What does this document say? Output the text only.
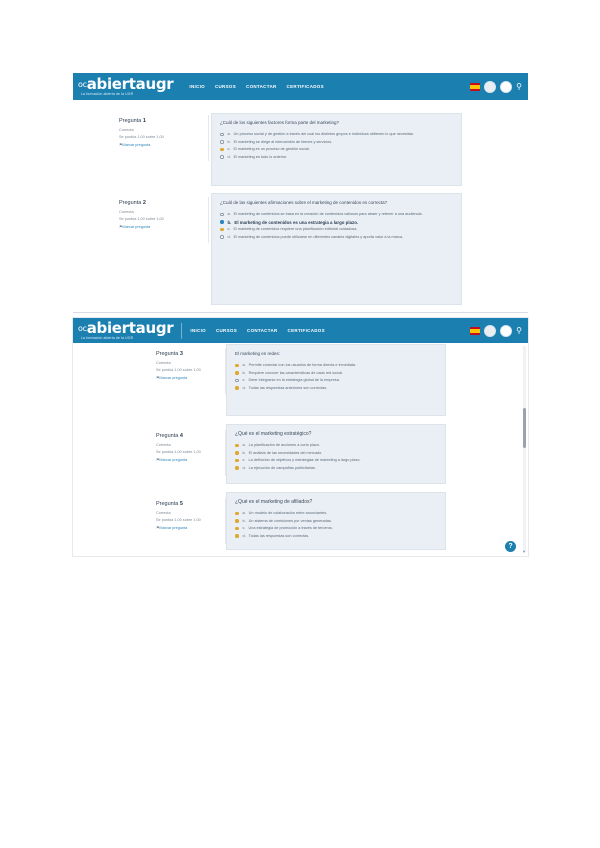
ocabiertaugr
La formación abierta de la UGR
INICIO CURSOS CONTACTAR CERTIFICADOS	⚲
Pregunta 1
Correcta
Se puntúa 1,00 sobre 1,00
⚑ Marcar pregunta
¿Cuál de los siguientes factores forma parte del marketing?
a. Un proceso social y de gestión a través del cual los distintos grupos e individuos obtienen lo que necesitan.
b. El marketing se dirige al intercambio de bienes y servicios.
c. El marketing es un proceso de gestión social.
d. El marketing es todo lo anterior.
Pregunta 2
Correcta
Se puntúa 1,00 sobre 1,00
⚑ Marcar pregunta
¿Cuál de las siguientes afirmaciones sobre el marketing de contenidos es correcta?
a. El marketing de contenidos se basa en la creación de contenidos valiosos para atraer y retener a una audiencia.
b. El marketing de contenidos es una estrategia a largo plazo.
c. El marketing de contenidos requiere una planificación editorial cuidadosa.
d. El marketing de contenidos puede utilizarse en diferentes canales digitales y aporta valor a la marca.
ocabiertaugr
La formación abierta de la UGR
INICIO CURSOS CONTACTAR CERTIFICADOS	⚲
Pregunta 3
Correcta
Se puntúa 1,00 sobre 1,00
⚑ Marcar pregunta
El marketing en redes:
a. Permite conectar con los usuarios de forma directa e inmediata.
b. Requiere conocer las características de cada red social.
c. Debe integrarse en la estrategia global de la empresa.
d. Todas las respuestas anteriores son correctas.
Pregunta 4
Correcta
Se puntúa 1,00 sobre 1,00
⚑ Marcar pregunta
¿Qué es el marketing estratégico?
a. La planificación de acciones a corto plazo.
b. El análisis de las necesidades del mercado.
c. La definición de objetivos y estrategias de marketing a largo plazo.
d. La ejecución de campañas publicitarias.
Pregunta 5
Correcta
Se puntúa 1,00 sobre 1,00
⚑ Marcar pregunta
¿Qué es el marketing de afiliados?
a. Un modelo de colaboración entre anunciantes.
b. Un sistema de comisiones por ventas generadas.
c. Una estrategia de promoción a través de terceros.
d. Todas las respuestas son correctas.
▼
?
